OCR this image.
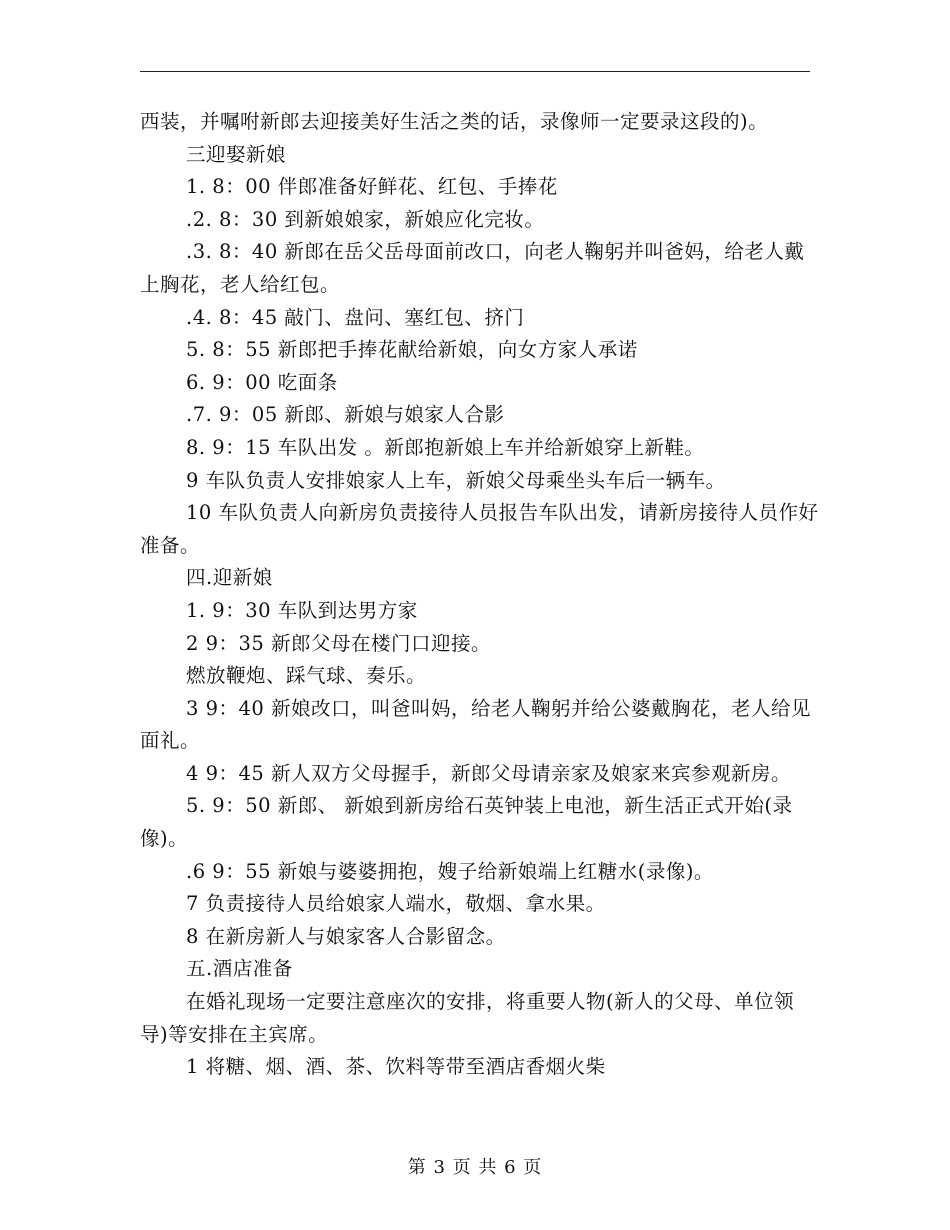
西装，并嘱咐新郎去迎接美好生活之类的话，录像师一定要录这段的)。

三迎娶新娘

1. 8：00 伴郎准备好鲜花、红包、手捧花

.2. 8：30 到新娘娘家，新娘应化完妆。

.3. 8：40 新郎在岳父岳母面前改口，向老人鞠躬并叫爸妈，给老人戴上胸花，老人给红包。

.4. 8：45 敲门、盘问、塞红包、挤门

5. 8：55 新郎把手捧花献给新娘，向女方家人承诺

6. 9：00 吃面条

.7. 9：05 新郎、新娘与娘家人合影

8. 9：15 车队出发 。新郎抱新娘上车并给新娘穿上新鞋。

9 车队负责人安排娘家人上车，新娘父母乘坐头车后一辆车。

10 车队负责人向新房负责接待人员报告车队出发，请新房接待人员作好准备。

四.迎新娘

1. 9：30 车队到达男方家

2 9：35 新郎父母在楼门口迎接。

燃放鞭炮、踩气球、奏乐。

3 9：40 新娘改口，叫爸叫妈，给老人鞠躬并给公婆戴胸花，老人给见面礼。

4 9：45 新人双方父母握手，新郎父母请亲家及娘家来宾参观新房。

5. 9：50 新郎、 新娘到新房给石英钟装上电池，新生活正式开始(录像)。

.6 9：55 新娘与婆婆拥抱，嫂子给新娘端上红糖水(录像)。

7 负责接待人员给娘家人端水，敬烟、拿水果。

8 在新房新人与娘家客人合影留念。

五.酒店准备

在婚礼现场一定要注意座次的安排，将重要人物(新人的父母、单位领导)等安排在主宾席。

1 将糖、烟、酒、茶、饮料等带至酒店香烟火柴

第 3 页 共 6 页
